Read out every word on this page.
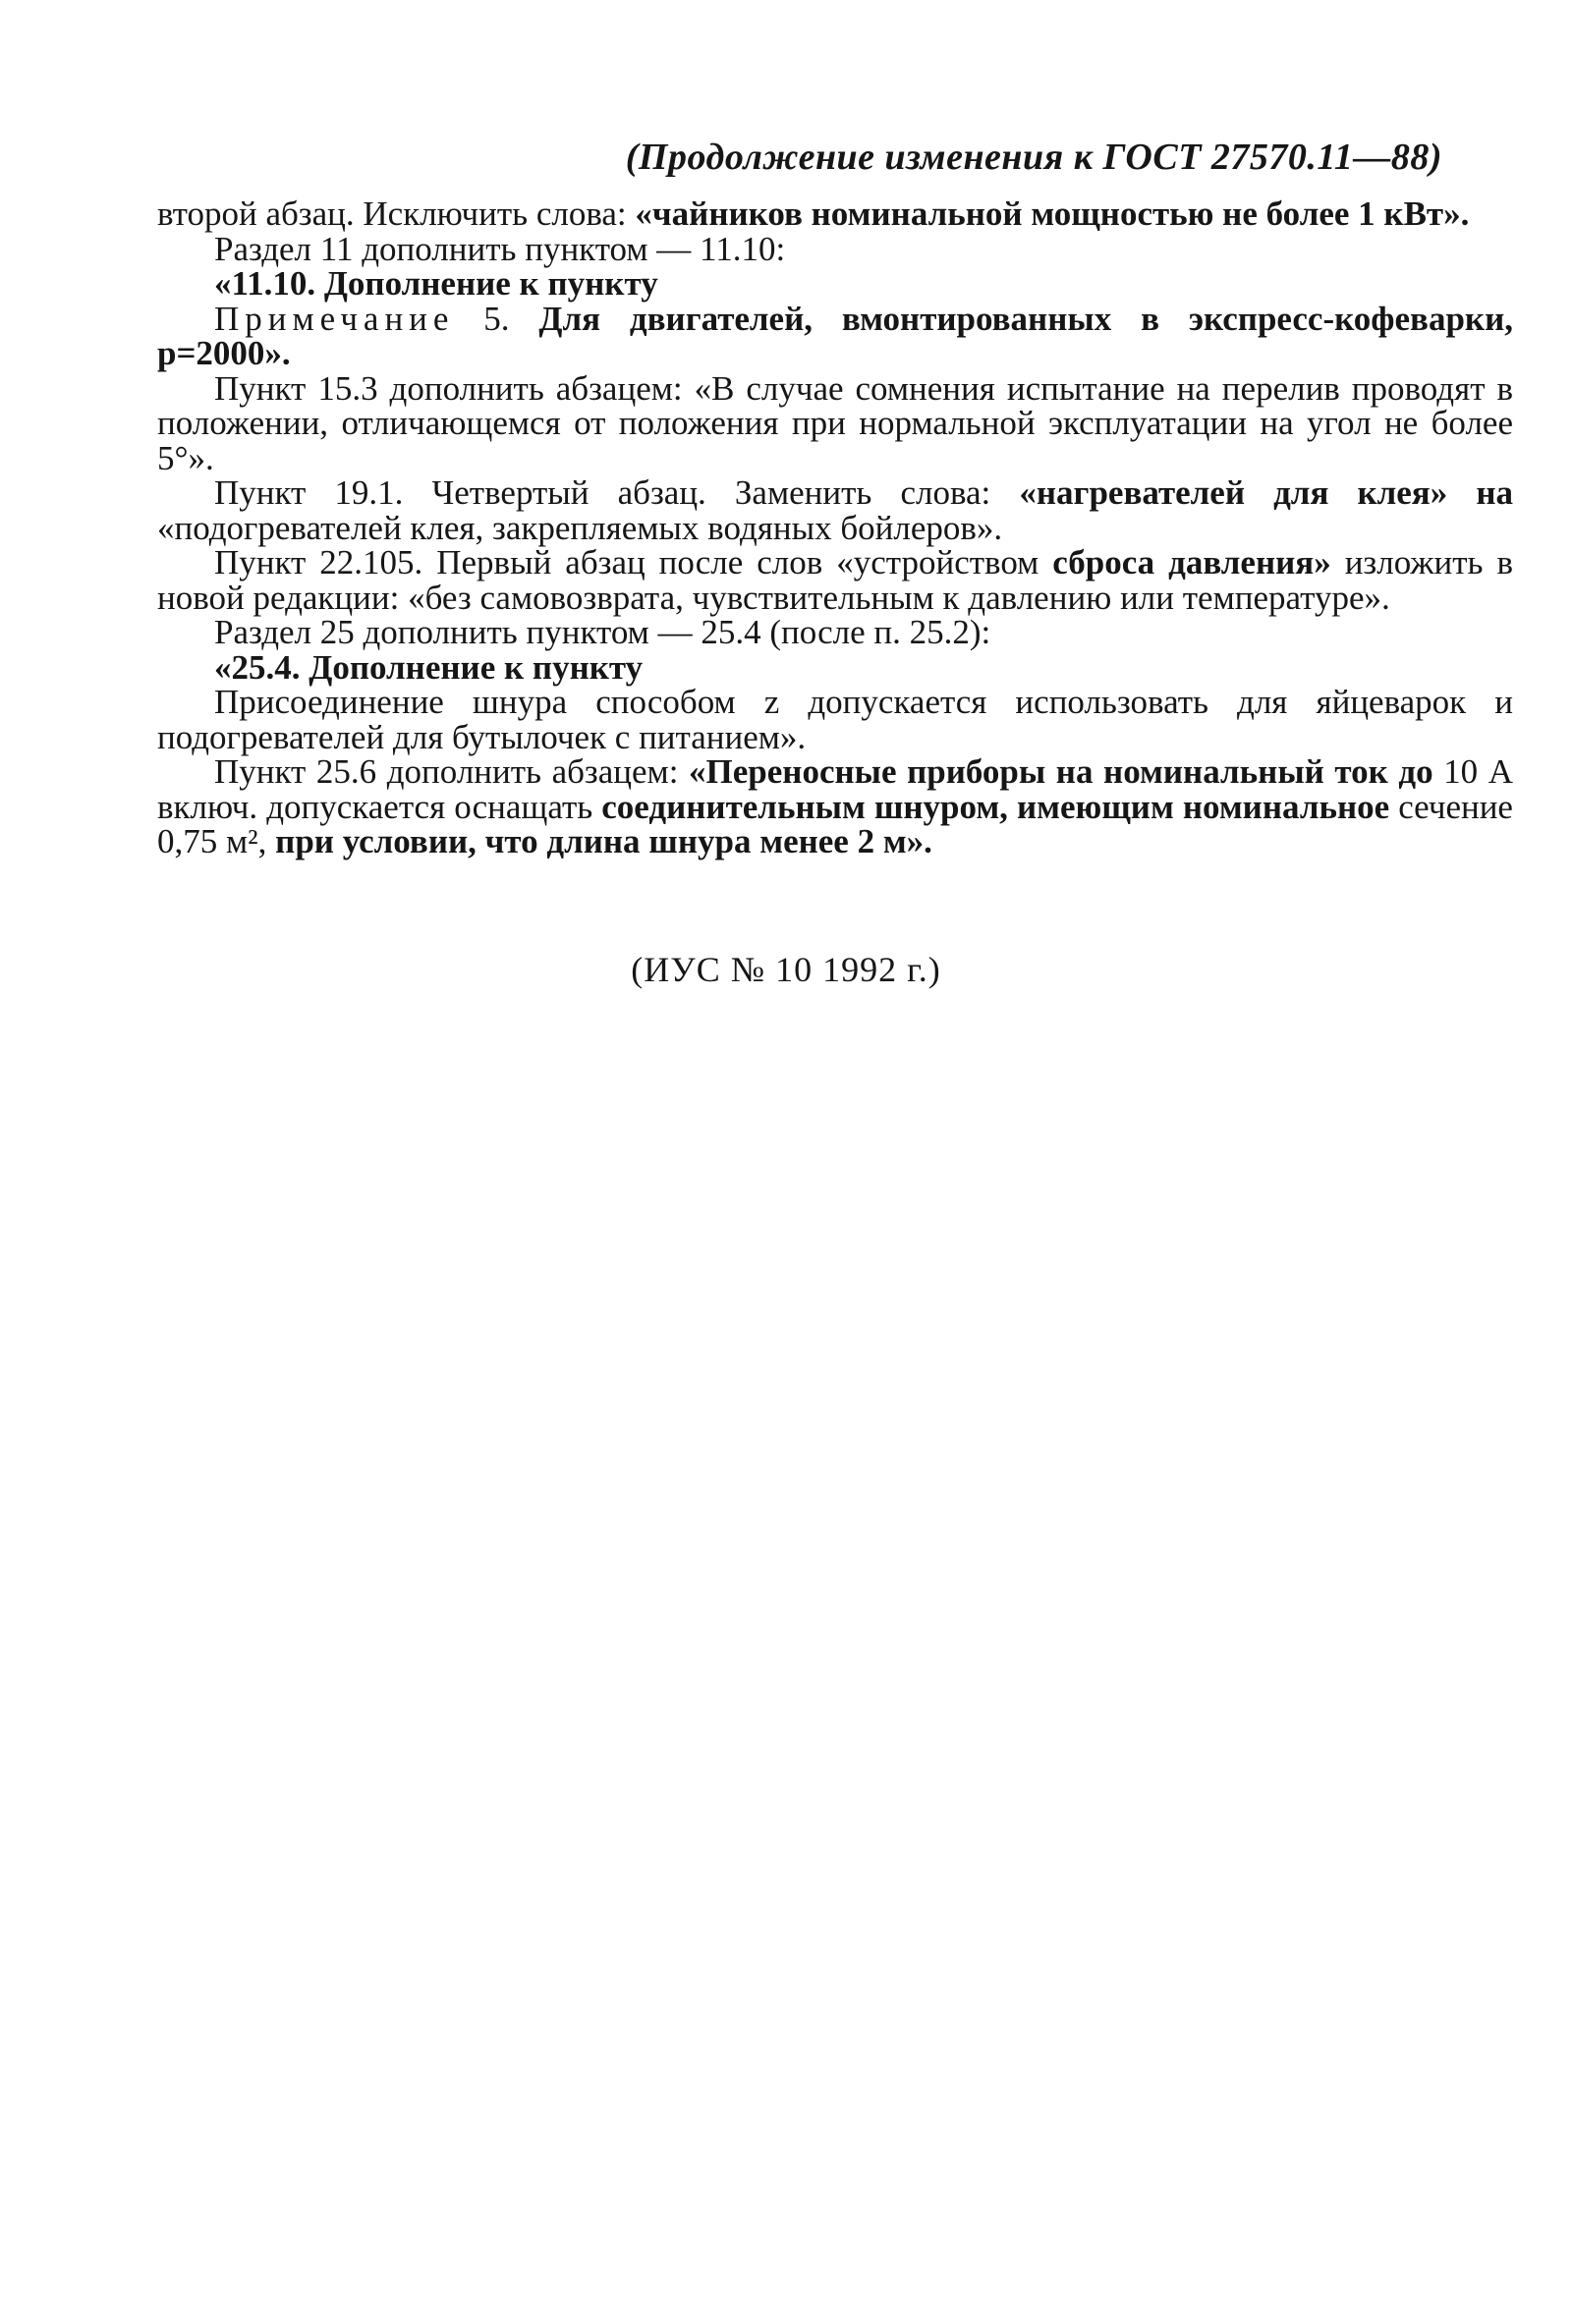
(Продолжение изменения к ГОСТ 27570.11—88)

второй абзац. Исключить слова: «чайников номинальной мощностью не более 1 кВт».

Раздел 11 дополнить пунктом — 11.10:

«11.10. Дополнение к пункту

Примечание 5. Для двигателей, вмонтированных в экспресс-кофеварки, p=2000».

Пункт 15.3 дополнить абзацем: «В случае сомнения испытание на перелив проводят в положении, отличающемся от положения при нормальной эксплуатации на угол не более 5°».

Пункт 19.1. Четвертый абзац. Заменить слова: «нагревателей для клея» на «подогревателей клея, закрепляемых водяных бойлеров».

Пункт 22.105. Первый абзац после слов «устройством сброса давления» изложить в новой редакции: «без самовозврата, чувствительным к давлению или температуре».

Раздел 25 дополнить пунктом — 25.4 (после п. 25.2):

«25.4. Дополнение к пункту

Присоединение шнура способом z допускается использовать для яйцеварок и подогревателей для бутылочек с питанием».

Пункт 25.6 дополнить абзацем: «Переносные приборы на номинальный ток до 10 А включ. допускается оснащать соединительным шнуром, имеющим номинальное сечение 0,75 м², при условии, что длина шнура менее 2 м».

(ИУС № 10 1992 г.)
